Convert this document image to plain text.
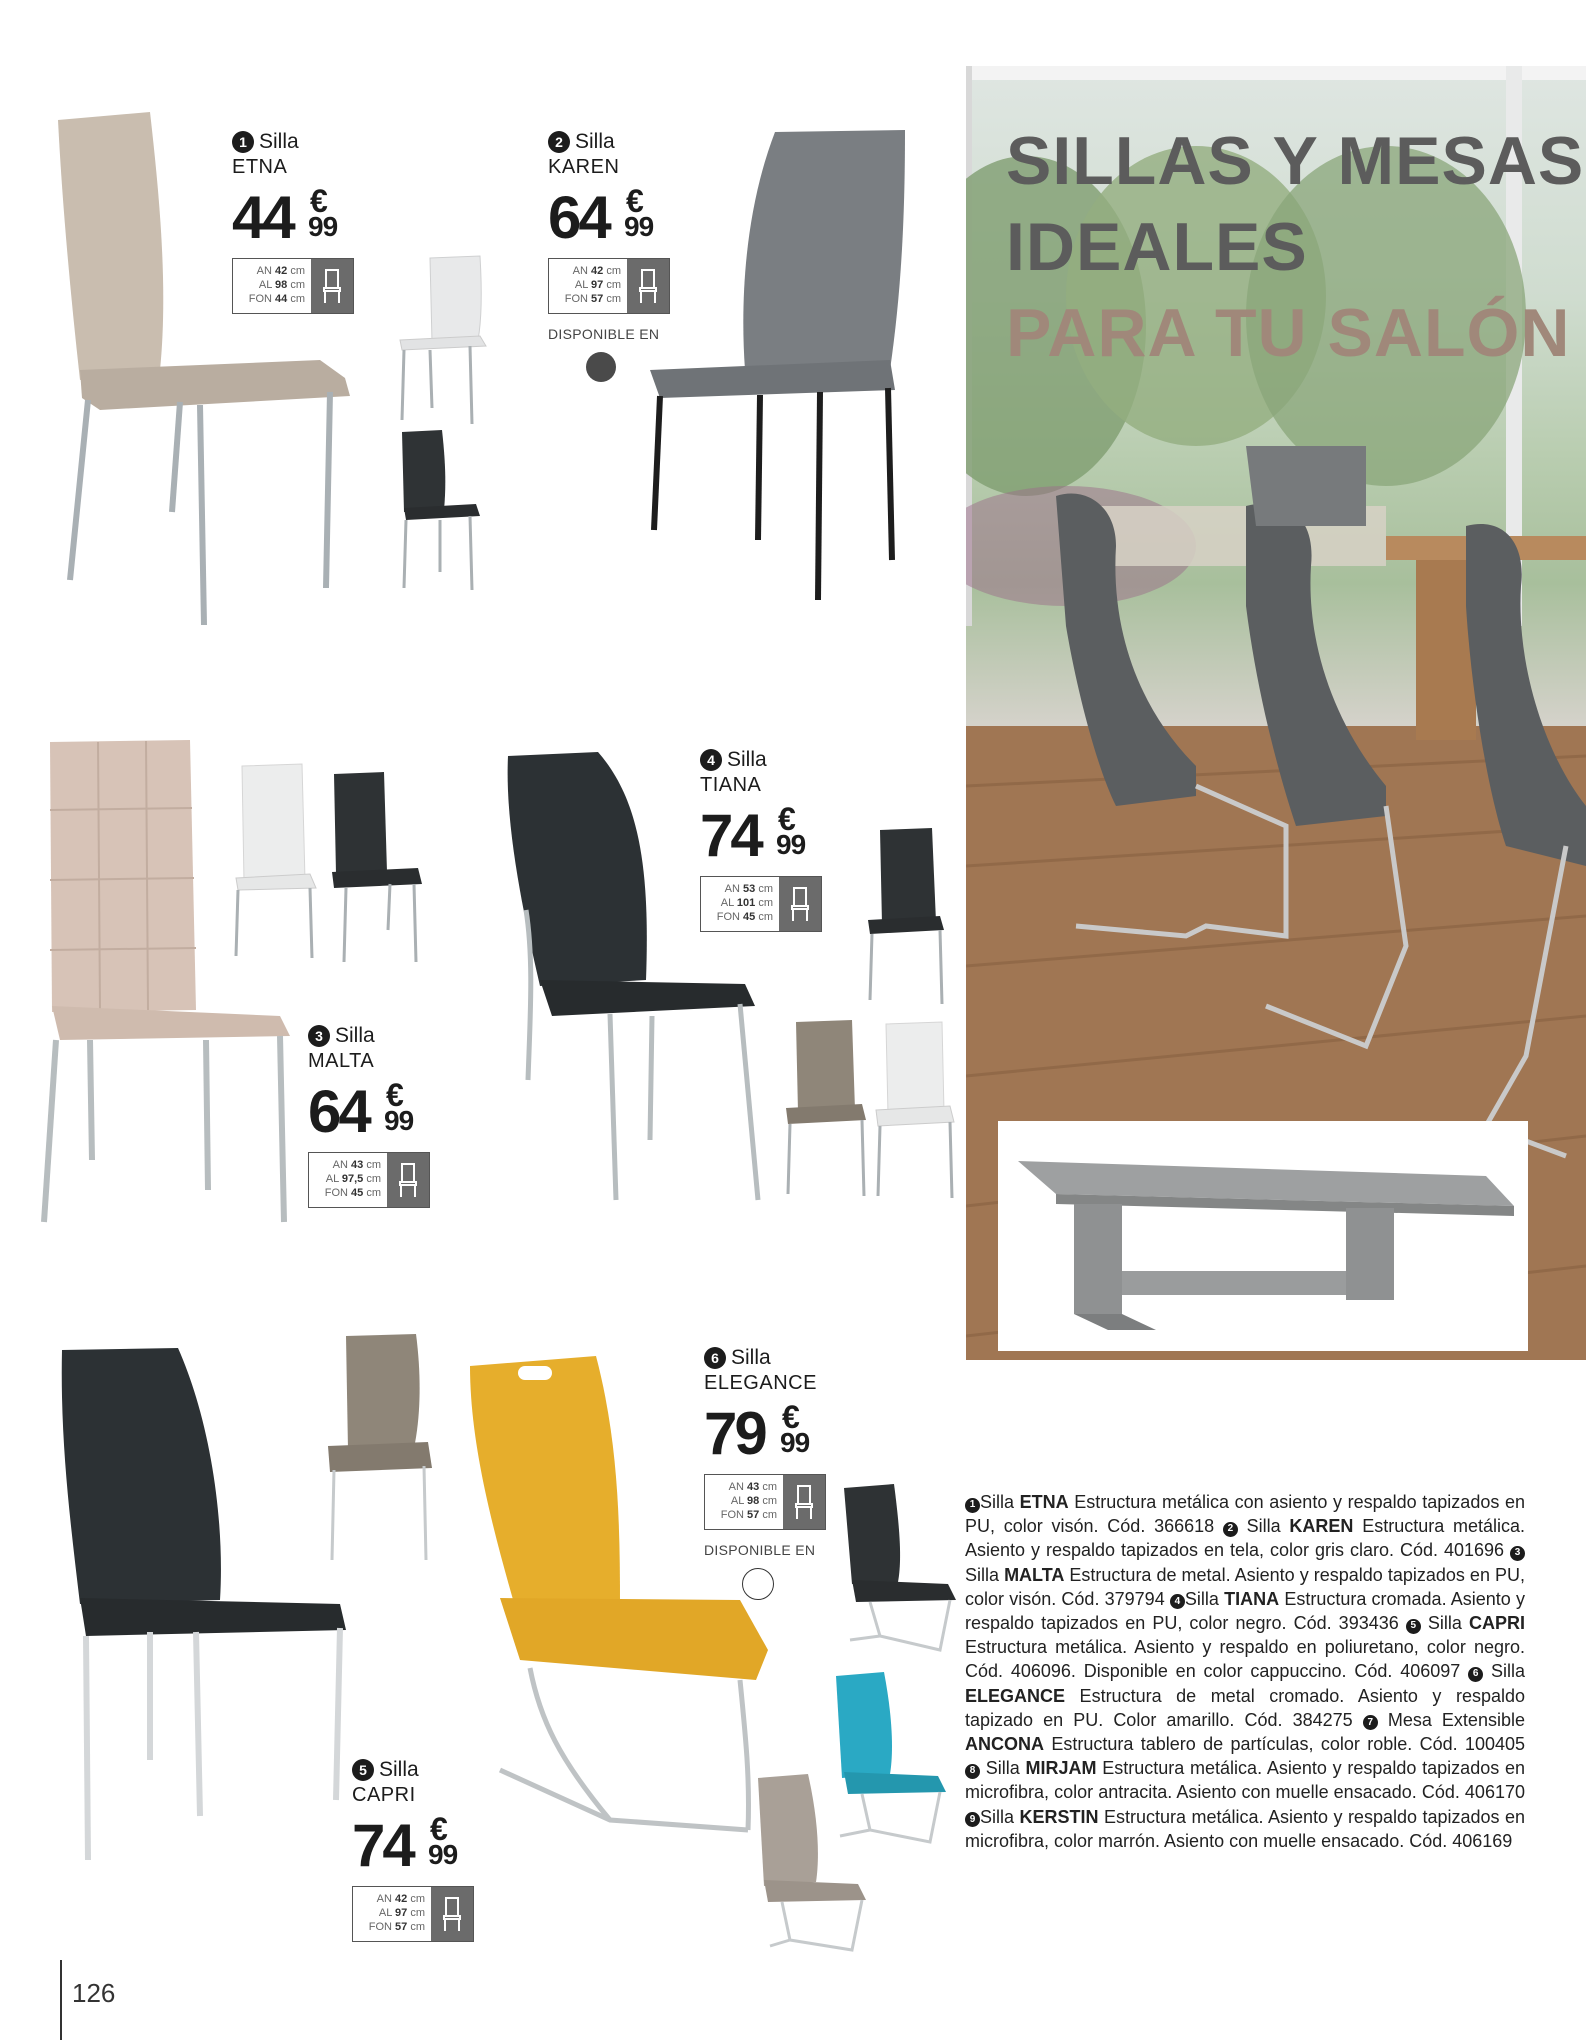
SILLAS Y MESAS
IDEALES
PARA TU SALÓN
1 Silla
ETNA
44 €
99
AN 42 cm
AL 98 cm
FON 44 cm
2 Silla
KAREN
64 €
99
AN 42 cm
AL 97 cm
FON 57 cm
DISPONIBLE EN
3 Silla
MALTA
64 €
99
AN 43 cm
AL 97,5 cm
FON 45 cm
4 Silla
TIANA
74 €
99
AN 53 cm
AL 101 cm
FON 45 cm
5 Silla
CAPRI
74 €
99
AN 42 cm
AL 97 cm
FON 57 cm
6 Silla
ELEGANCE
79 €
99
AN 43 cm
AL 98 cm
FON 57 cm
DISPONIBLE EN
1 Silla ETNA Estructura metálica con asiento y respaldo tapizados en PU, color visón. Cód. 366618 2 Silla KAREN Estructura metálica. Asiento y respaldo tapizados en tela, color gris claro. Cód. 401696 3 Silla MALTA Estructura de metal. Asiento y respaldo tapizados en PU, color visón. Cód. 379794 4 Silla TIANA Estructura cromada. Asiento y respaldo tapizados en PU, color negro. Cód. 393436 5 Silla CAPRI Estructura metálica. Asiento y respaldo en poliuretano, color negro. Cód. 406096. Disponible en color cappuccino. Cód. 406097 6 Silla ELEGANCE Estructura de metal cromado. Asiento y respaldo tapizado en PU. Color amarillo. Cód. 384275 7 Mesa Extensible ANCONA Estructura tablero de partículas, color roble. Cód. 100405 8 Silla MIRJAM Estructura metálica. Asiento y respaldo tapizados en microfibra, color antracita. Asiento con muelle ensacado. Cód. 406170 9 Silla KERSTIN Estructura metálica. Asiento y respaldo tapizados en microfibra, color marrón. Asiento con muelle ensacado. Cód. 406169
126
